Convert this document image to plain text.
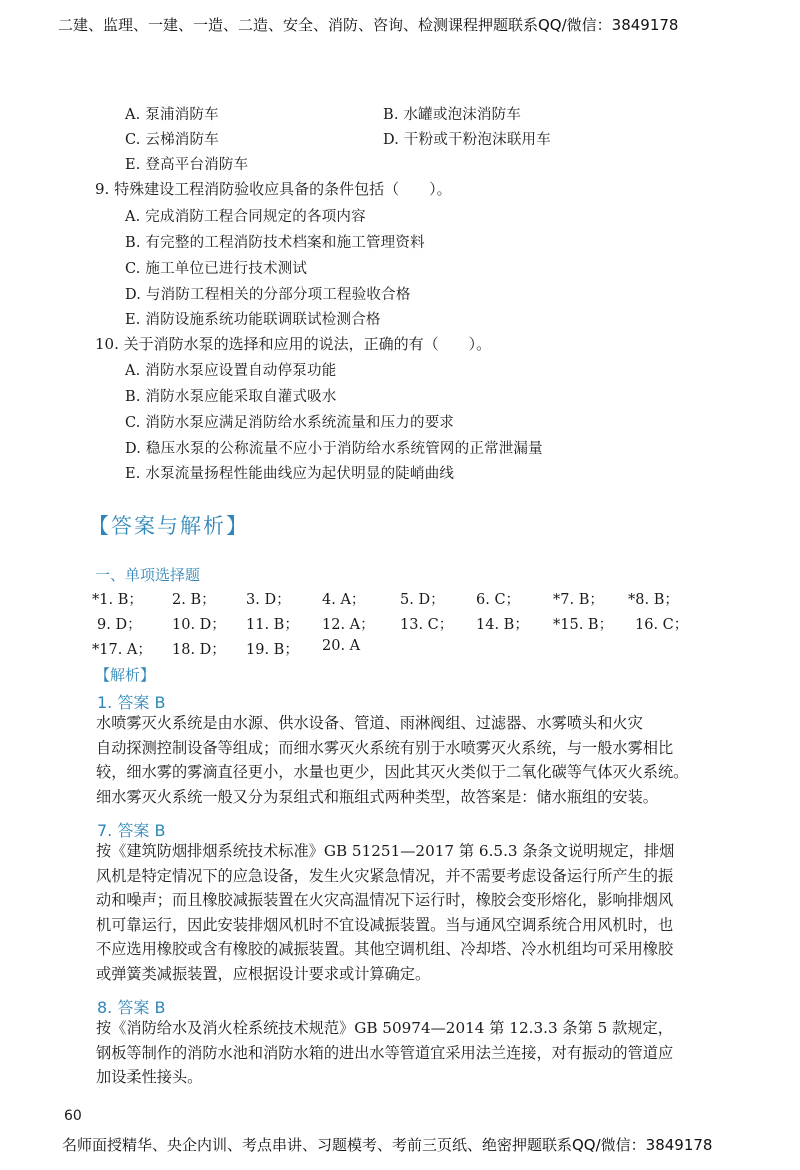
二建、监理、一建、一造、二造、安全、消防、咨询、检测课程押题联系QQ/微信：3849178
A. 泵浦消防车	B. 水罐或泡沫消防车
C. 云梯消防车	D. 干粉或干粉泡沫联用车
E. 登高平台消防车
9. 特殊建设工程消防验收应具备的条件包括（　　）。
A. 完成消防工程合同规定的各项内容
B. 有完整的工程消防技术档案和施工管理资料
C. 施工单位已进行技术测试
D. 与消防工程相关的分部分项工程验收合格
E. 消防设施系统功能联调联试检测合格
10. 关于消防水泵的选择和应用的说法，正确的有（　　）。
A. 消防水泵应设置自动停泵功能
B. 消防水泵应能采取自灌式吸水
C. 消防水泵应满足消防给水系统流量和压力的要求
D. 稳压水泵的公称流量不应小于消防给水系统管网的正常泄漏量
E. 水泵流量扬程性能曲线应为起伏明显的陡峭曲线
【答案与解析】
一、单项选择题
*1. B； 2. B； 3. D； 4. A； 5. D； 6. C； *7. B； *8. B；
9. D； 10. D； 11. B； 12. A； 13. C； 14. B； *15. B； 16. C；
*17. A； 18. D； 19. B； 20. A
【解析】
1. 答案 B

水喷雾灭火系统是由水源、供水设备、管道、雨淋阀组、过滤器、水雾喷头和火灾

自动探测控制设备等组成；而细水雾灭火系统有别于水喷雾灭火系统，与一般水雾相比

较，细水雾的雾滴直径更小，水量也更少，因此其灭火类似于二氧化碳等气体灭火系统。

细水雾灭火系统一般又分为泵组式和瓶组式两种类型，故答案是：储水瓶组的安装。

7. 答案 B

按《建筑防烟排烟系统技术标准》GB 51251—2017 第 6.5.3 条条文说明规定，排烟

风机是特定情况下的应急设备，发生火灾紧急情况，并不需要考虑设备运行所产生的振

动和噪声；而且橡胶减振装置在火灾高温情况下运行时，橡胶会变形熔化，影响排烟风

机可靠运行，因此安装排烟风机时不宜设减振装置。当与通风空调系统合用风机时，也

不应选用橡胶或含有橡胶的减振装置。其他空调机组、冷却塔、冷水机组均可采用橡胶

或弹簧类减振装置，应根据设计要求或计算确定。

8. 答案 B

按《消防给水及消火栓系统技术规范》GB 50974—2014 第 12.3.3 条第 5 款规定，

钢板等制作的消防水池和消防水箱的进出水等管道宜采用法兰连接，对有振动的管道应

加设柔性接头。

60
名师面授精华、央企内训、考点串讲、习题模考、考前三页纸、绝密押题联系QQ/微信：3849178
